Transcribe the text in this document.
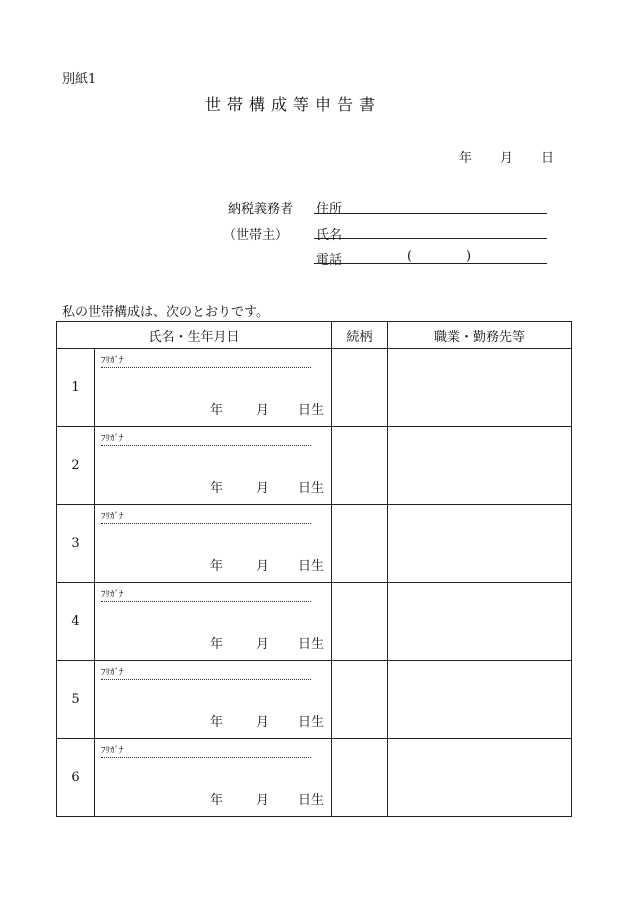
別紙1
世帯構成等申告書
年 月 日
納税義務者 住所
（世帯主） 氏名
電話	(	)
私の世帯構成は、次のとおりです。
氏名・生年月日		続柄	職業・勤務先等
1	ﾌﾘｶﾞﾅ
年 月 日生		

2	ﾌﾘｶﾞﾅ
年 月 日生		

3	ﾌﾘｶﾞﾅ
年 月 日生		

4	ﾌﾘｶﾞﾅ
年 月 日生		

5	ﾌﾘｶﾞﾅ
年 月 日生		

6	ﾌﾘｶﾞﾅ
年 月 日生		
